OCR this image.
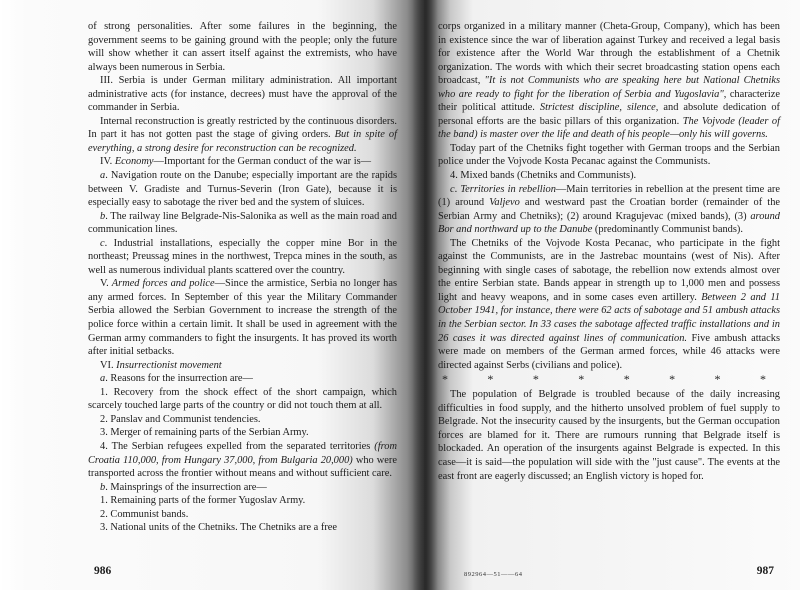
of strong personalities. After some failures in the beginning, the government seems to be gaining ground with the people; only the future will show whether it can assert itself against the extremists, who have always been numerous in Serbia.

III. Serbia is under German military administration. All important administrative acts (for instance, decrees) must have the approval of the commander in Serbia.

Internal reconstruction is greatly restricted by the continuous disorders. In part it has not gotten past the stage of giving orders. But in spite of everything, a strong desire for reconstruction can be recognized.

IV. Economy—Important for the German conduct of the war is—

a. Navigation route on the Danube; especially important are the rapids between V. Gradiste and Turnus-Severin (Iron Gate), because it is especially easy to sabotage the river bed and the system of sluices.

b. The railway line Belgrade-Nis-Salonika as well as the main road and communication lines.

c. Industrial installations, especially the copper mine Bor in the northeast; Preussag mines in the northwest, Trepca mines in the south, as well as numerous individual plants scattered over the country.

V. Armed forces and police—Since the armistice, Serbia no longer has any armed forces. In September of this year the Military Commander Serbia allowed the Serbian Government to increase the strength of the police force within a certain limit. It shall be used in agreement with the German army commanders to fight the insurgents. It has proved its worth after initial setbacks.

VI. Insurrectionist movement

a. Reasons for the insurrection are—

1. Recovery from the shock effect of the short campaign, which scarcely touched large parts of the country or did not touch them at all.

2. Panslav and Communist tendencies.

3. Merger of remaining parts of the Serbian Army.

4. The Serbian refugees expelled from the separated territories (from Croatia 110,000, from Hungary 37,000, from Bulgaria 20,000) who were transported across the frontier without means and without sufficient care.

b. Mainsprings of the insurrection are—

1. Remaining parts of the former Yugoslav Army.

2. Communist bands.

3. National units of the Chetniks. The Chetniks are a free

986

corps organized in a military manner (Cheta-Group, Company), which has been in existence since the war of liberation against Turkey and received a legal basis for existence after the World War through the establishment of a Chetnik organization. The words with which their secret broadcasting station opens each broadcast, "It is not Communists who are speaking here but National Chetniks who are ready to fight for the liberation of Serbia and Yugoslavia", characterize their political attitude. Strictest discipline, silence, and absolute dedication of personal efforts are the basic pillars of this organization. The Vojvode (leader of the band) is master over the life and death of his people—only his will governs.

Today part of the Chetniks fight together with German troops and the Serbian police under the Vojvode Kosta Pecanac against the Communists.

4. Mixed bands (Chetniks and Communists).

c. Territories in rebellion—Main territories in rebellion at the present time are (1) around Valjevo and westward past the Croatian border (remainder of the Serbian Army and Chetniks); (2) around Kragujevac (mixed bands), (3) around Bor and northward up to the Danube (predominantly Communist bands).

The Chetniks of the Vojvode Kosta Pecanac, who participate in the fight against the Communists, are in the Jastrebac mountains (west of Nis). After beginning with single cases of sabotage, the rebellion now extends almost over the entire Serbian state. Bands appear in strength up to 1,000 men and possess light and heavy weapons, and in some cases even artillery. Between 2 and 11 October 1941, for instance, there were 62 acts of sabotage and 51 ambush attacks in the Serbian sector. In 33 cases the sabotage affected traffic installations and in 26 cases it was directed against lines of communication. Five ambush attacks were made on members of the German armed forces, while 46 attacks were directed against Serbs (civilians and police).

*	*	*	*	*	*	*	*

The population of Belgrade is troubled because of the daily increasing difficulties in food supply, and the hitherto unsolved problem of fuel supply to Belgrade. Not the insecurity caused by the insurgents, but the German occupation forces are blamed for it. There are rumours running that Belgrade itself is blockaded. An operation of the insurgents against Belgrade is expected. In this case—it is said—the population will side with the "just cause". The events at the east front are eagerly discussed; an English victory is hoped for.

892964—51——64	987
